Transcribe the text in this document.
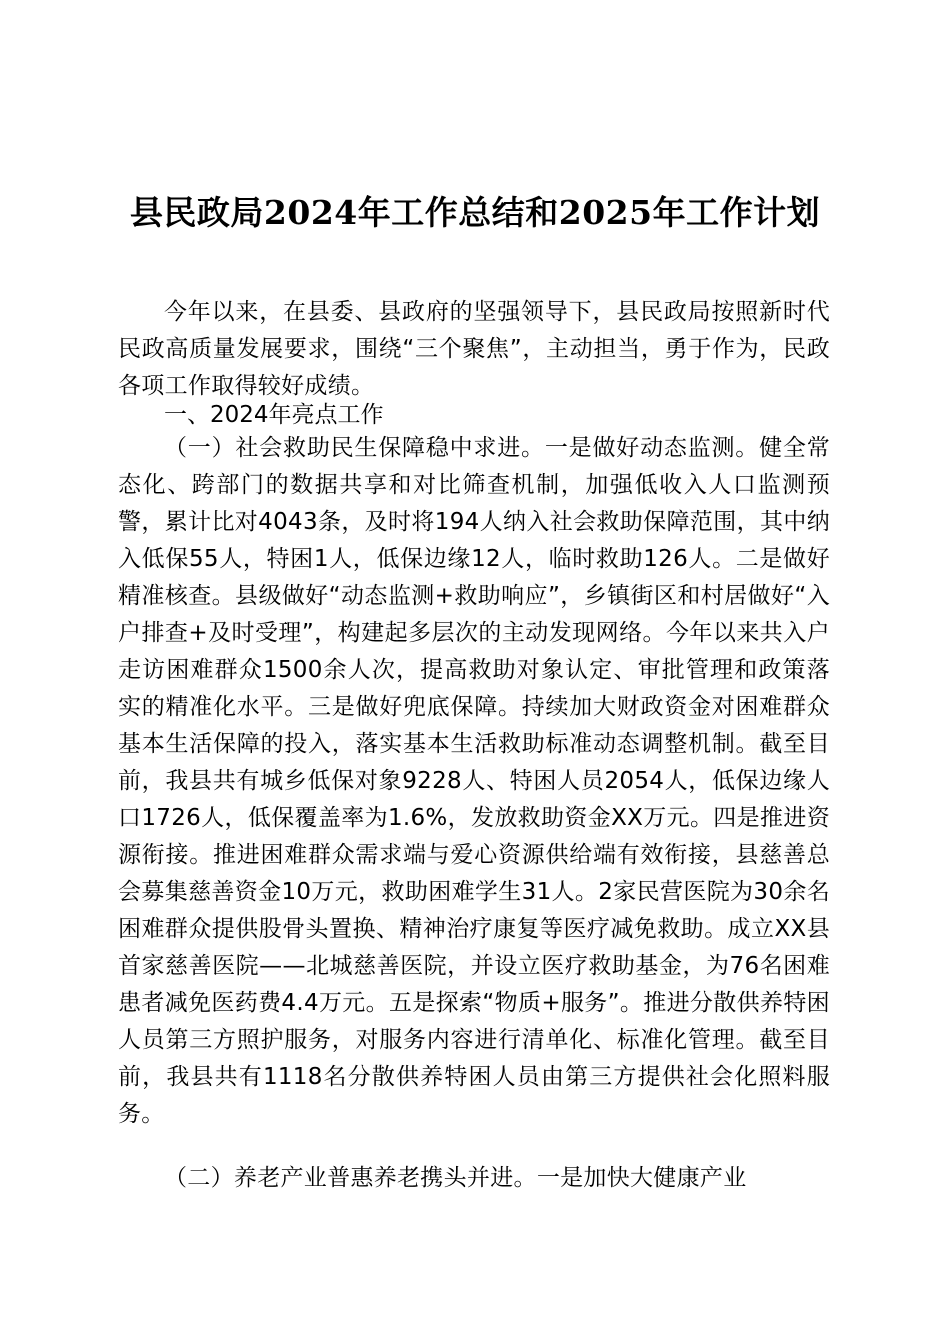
县民政局2024年工作总结和2025年工作计划

今年以来，在县委、县政府的坚强领导下，县民政局按照新时代民政高质量发展要求，围绕“三个聚焦”，主动担当，勇于作为，民政各项工作取得较好成绩。

一、2024年亮点工作

（一）社会救助民生保障稳中求进。一是做好动态监测。健全常态化、跨部门的数据共享和对比筛查机制，加强低收入人口监测预警，累计比对4043条，及时将194人纳入社会救助保障范围，其中纳入低保55人，特困1人，低保边缘12人，临时救助126人。二是做好精准核查。县级做好“动态监测+救助响应”，乡镇街区和村居做好“入户排查+及时受理”，构建起多层次的主动发现网络。今年以来共入户走访困难群众1500余人次，提高救助对象认定、审批管理和政策落实的精准化水平。三是做好兜底保障。持续加大财政资金对困难群众基本生活保障的投入，落实基本生活救助标准动态调整机制。截至目前，我县共有城乡低保对象9228人、特困人员2054人，低保边缘人口1726人，低保覆盖率为1.6%，发放救助资金XX万元。四是推进资源衔接。推进困难群众需求端与爱心资源供给端有效衔接，县慈善总会募集慈善资金10万元，救助困难学生31人。2家民营医院为30余名困难群众提供股骨头置换、精神治疗康复等医疗减免救助。成立XX县首家慈善医院——北城慈善医院，并设立医疗救助基金，为76名困难患者减免医药费4.4万元。五是探索“物质+服务”。推进分散供养特困人员第三方照护服务，对服务内容进行清单化、标准化管理。截至目前，我县共有1118名分散供养特困人员由第三方提供社会化照料服务。

（二）养老产业普惠养老携头并进。一是加快大健康产业
